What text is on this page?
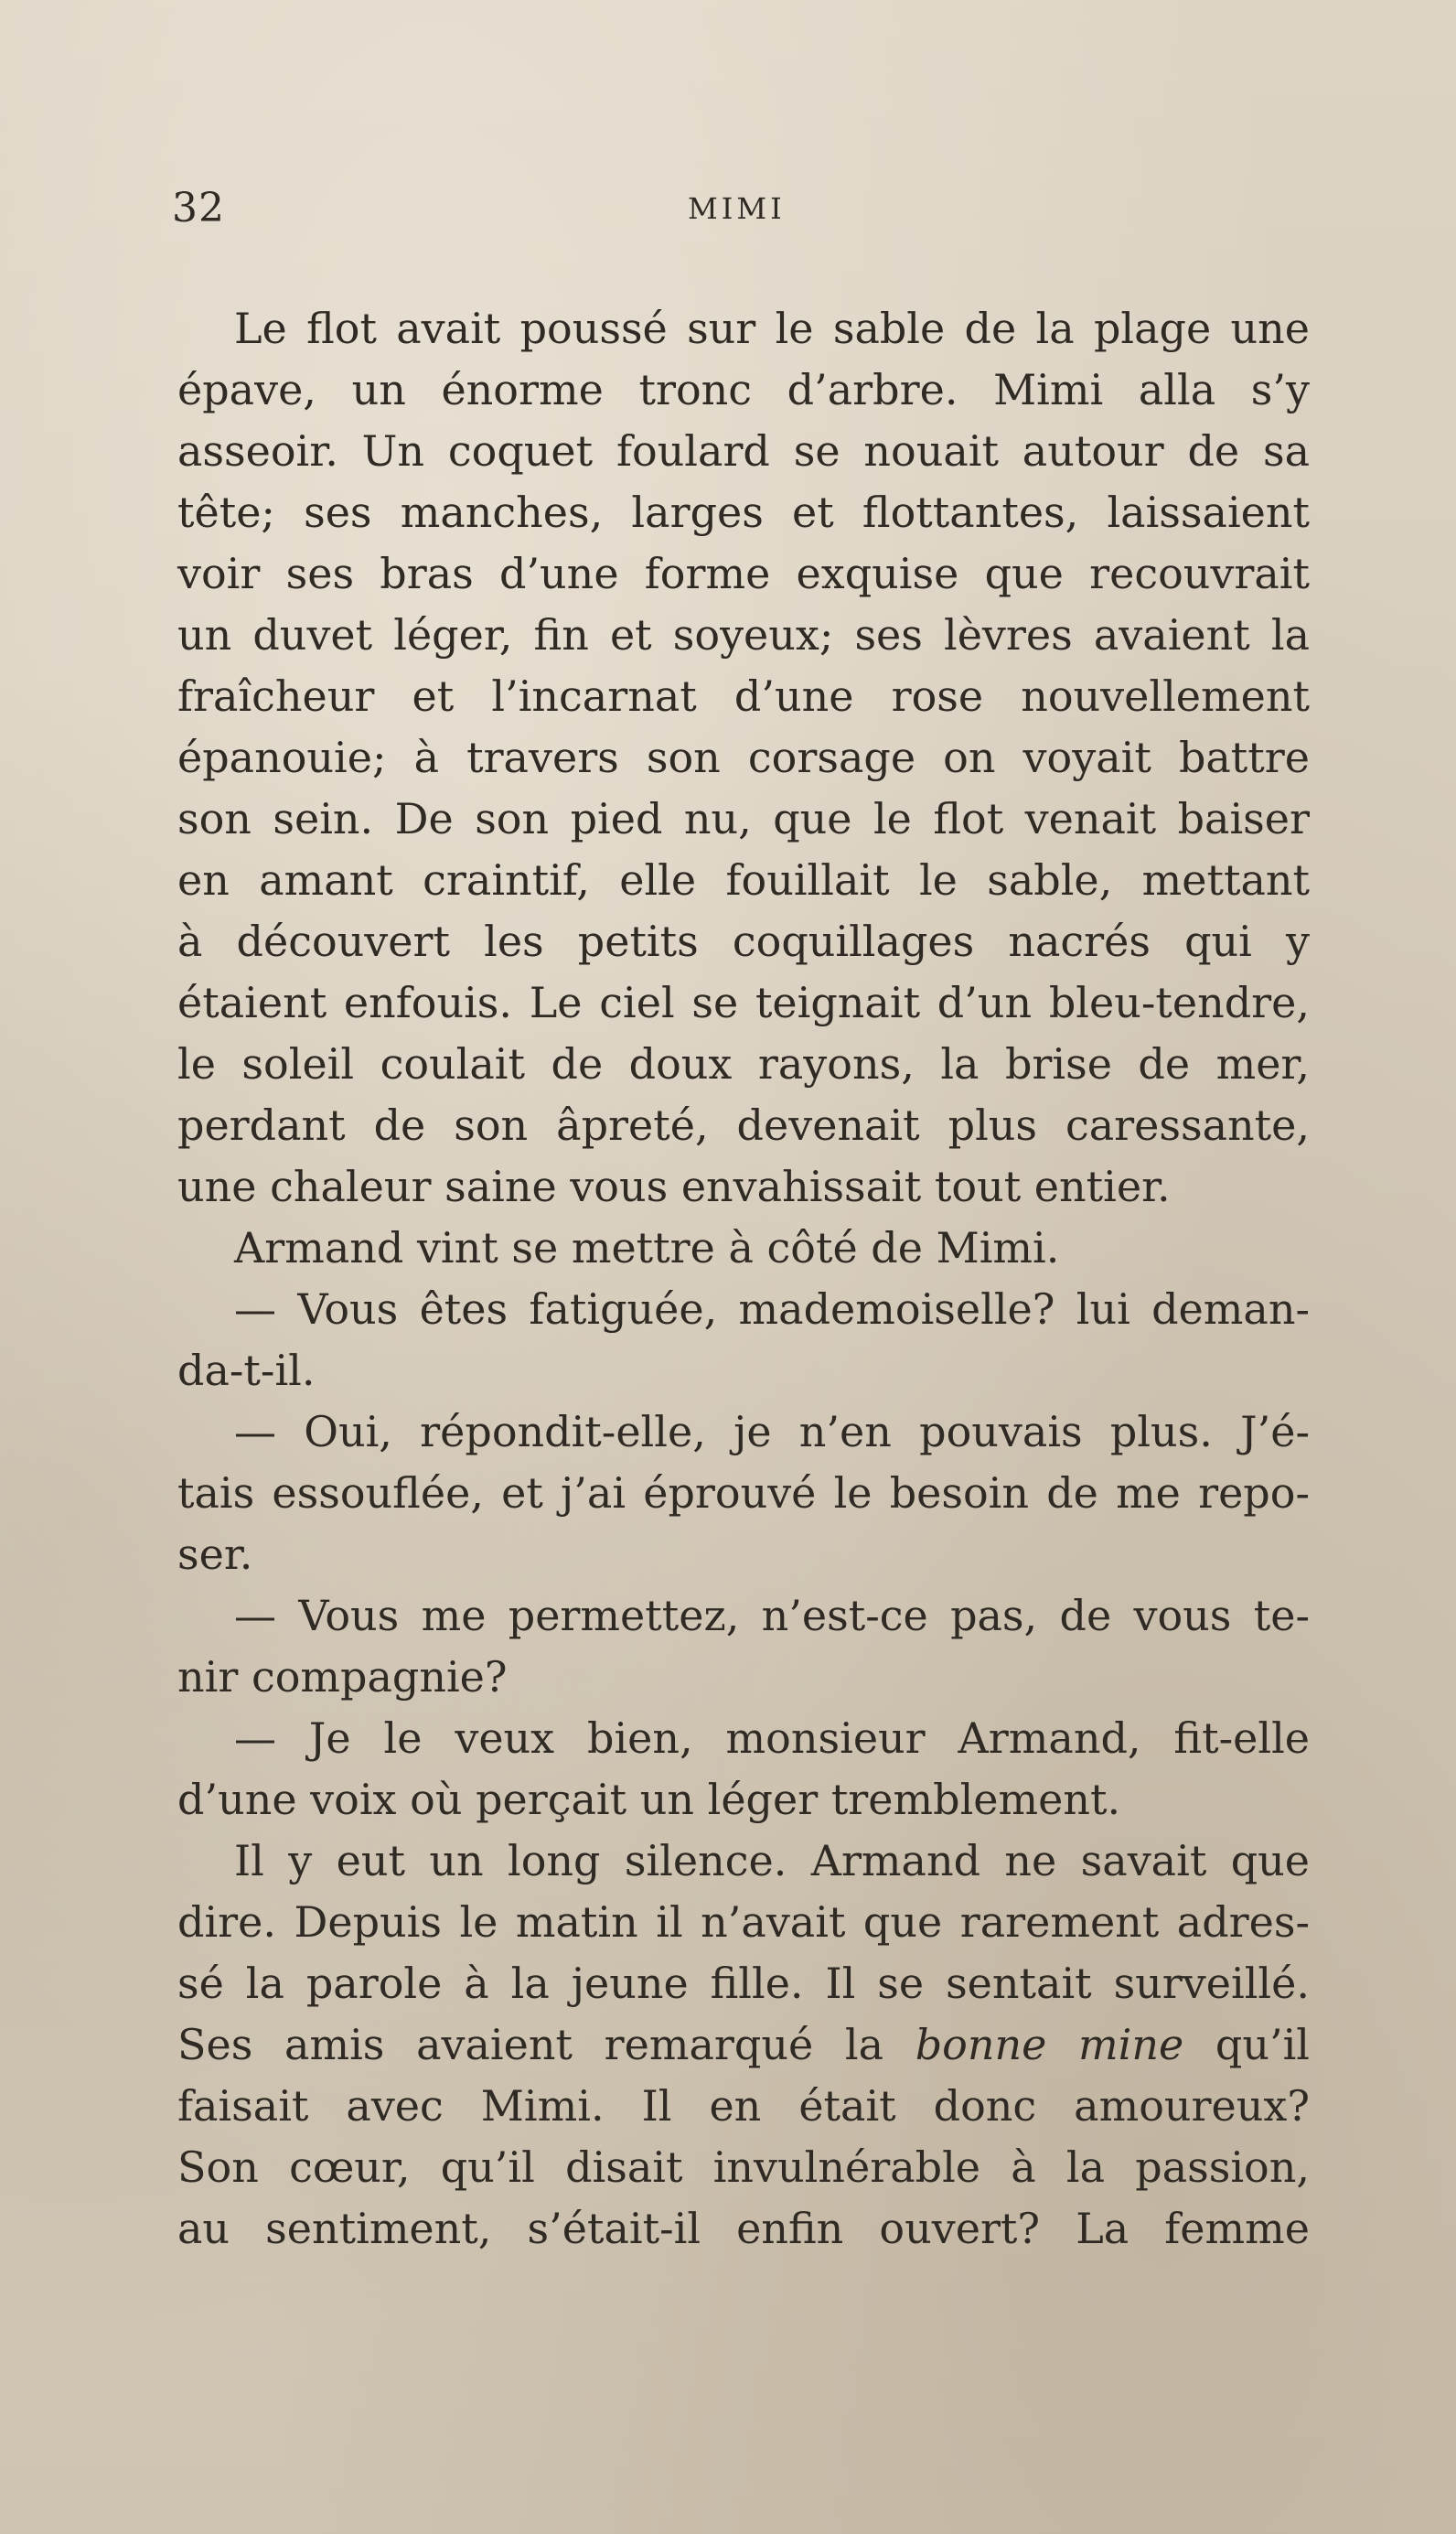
32	MIMI
Le flot avait poussé sur le sable de la plage une
épave, un énorme tronc d’arbre. Mimi alla s’y
asseoir. Un coquet foulard se nouait autour de sa
tête; ses manches, larges et flottantes, laissaient
voir ses bras d’une forme exquise que recouvrait
un duvet léger, fin et soyeux; ses lèvres avaient la
fraîcheur et l’incarnat d’une rose nouvellement
épanouie; à travers son corsage on voyait battre
son sein. De son pied nu, que le flot venait baiser
en amant craintif, elle fouillait le sable, mettant
à découvert les petits coquillages nacrés qui y
étaient enfouis. Le ciel se teignait d’un bleu-tendre,
le soleil coulait de doux rayons, la brise de mer,
perdant de son âpreté, devenait plus caressante,
une chaleur saine vous envahissait tout entier.
Armand vint se mettre à côté de Mimi.
— Vous êtes fatiguée, mademoiselle? lui deman-
da-t-il.
— Oui, répondit-elle, je n’en pouvais plus. J’é-
tais essouflée, et j’ai éprouvé le besoin de me repo-
ser.
— Vous me permettez, n’est-ce pas, de vous te-
nir compagnie?
— Je le veux bien, monsieur Armand, fit-elle
d’une voix où perçait un léger tremblement.
Il y eut un long silence. Armand ne savait que
dire. Depuis le matin il n’avait que rarement adres-
sé la parole à la jeune fille. Il se sentait surveillé.
Ses amis avaient remarqué la bonne mine qu’il
faisait avec Mimi. Il en était donc amoureux?
Son cœur, qu’il disait invulnérable à la passion,
au sentiment, s’était-il enfin ouvert? La femme
